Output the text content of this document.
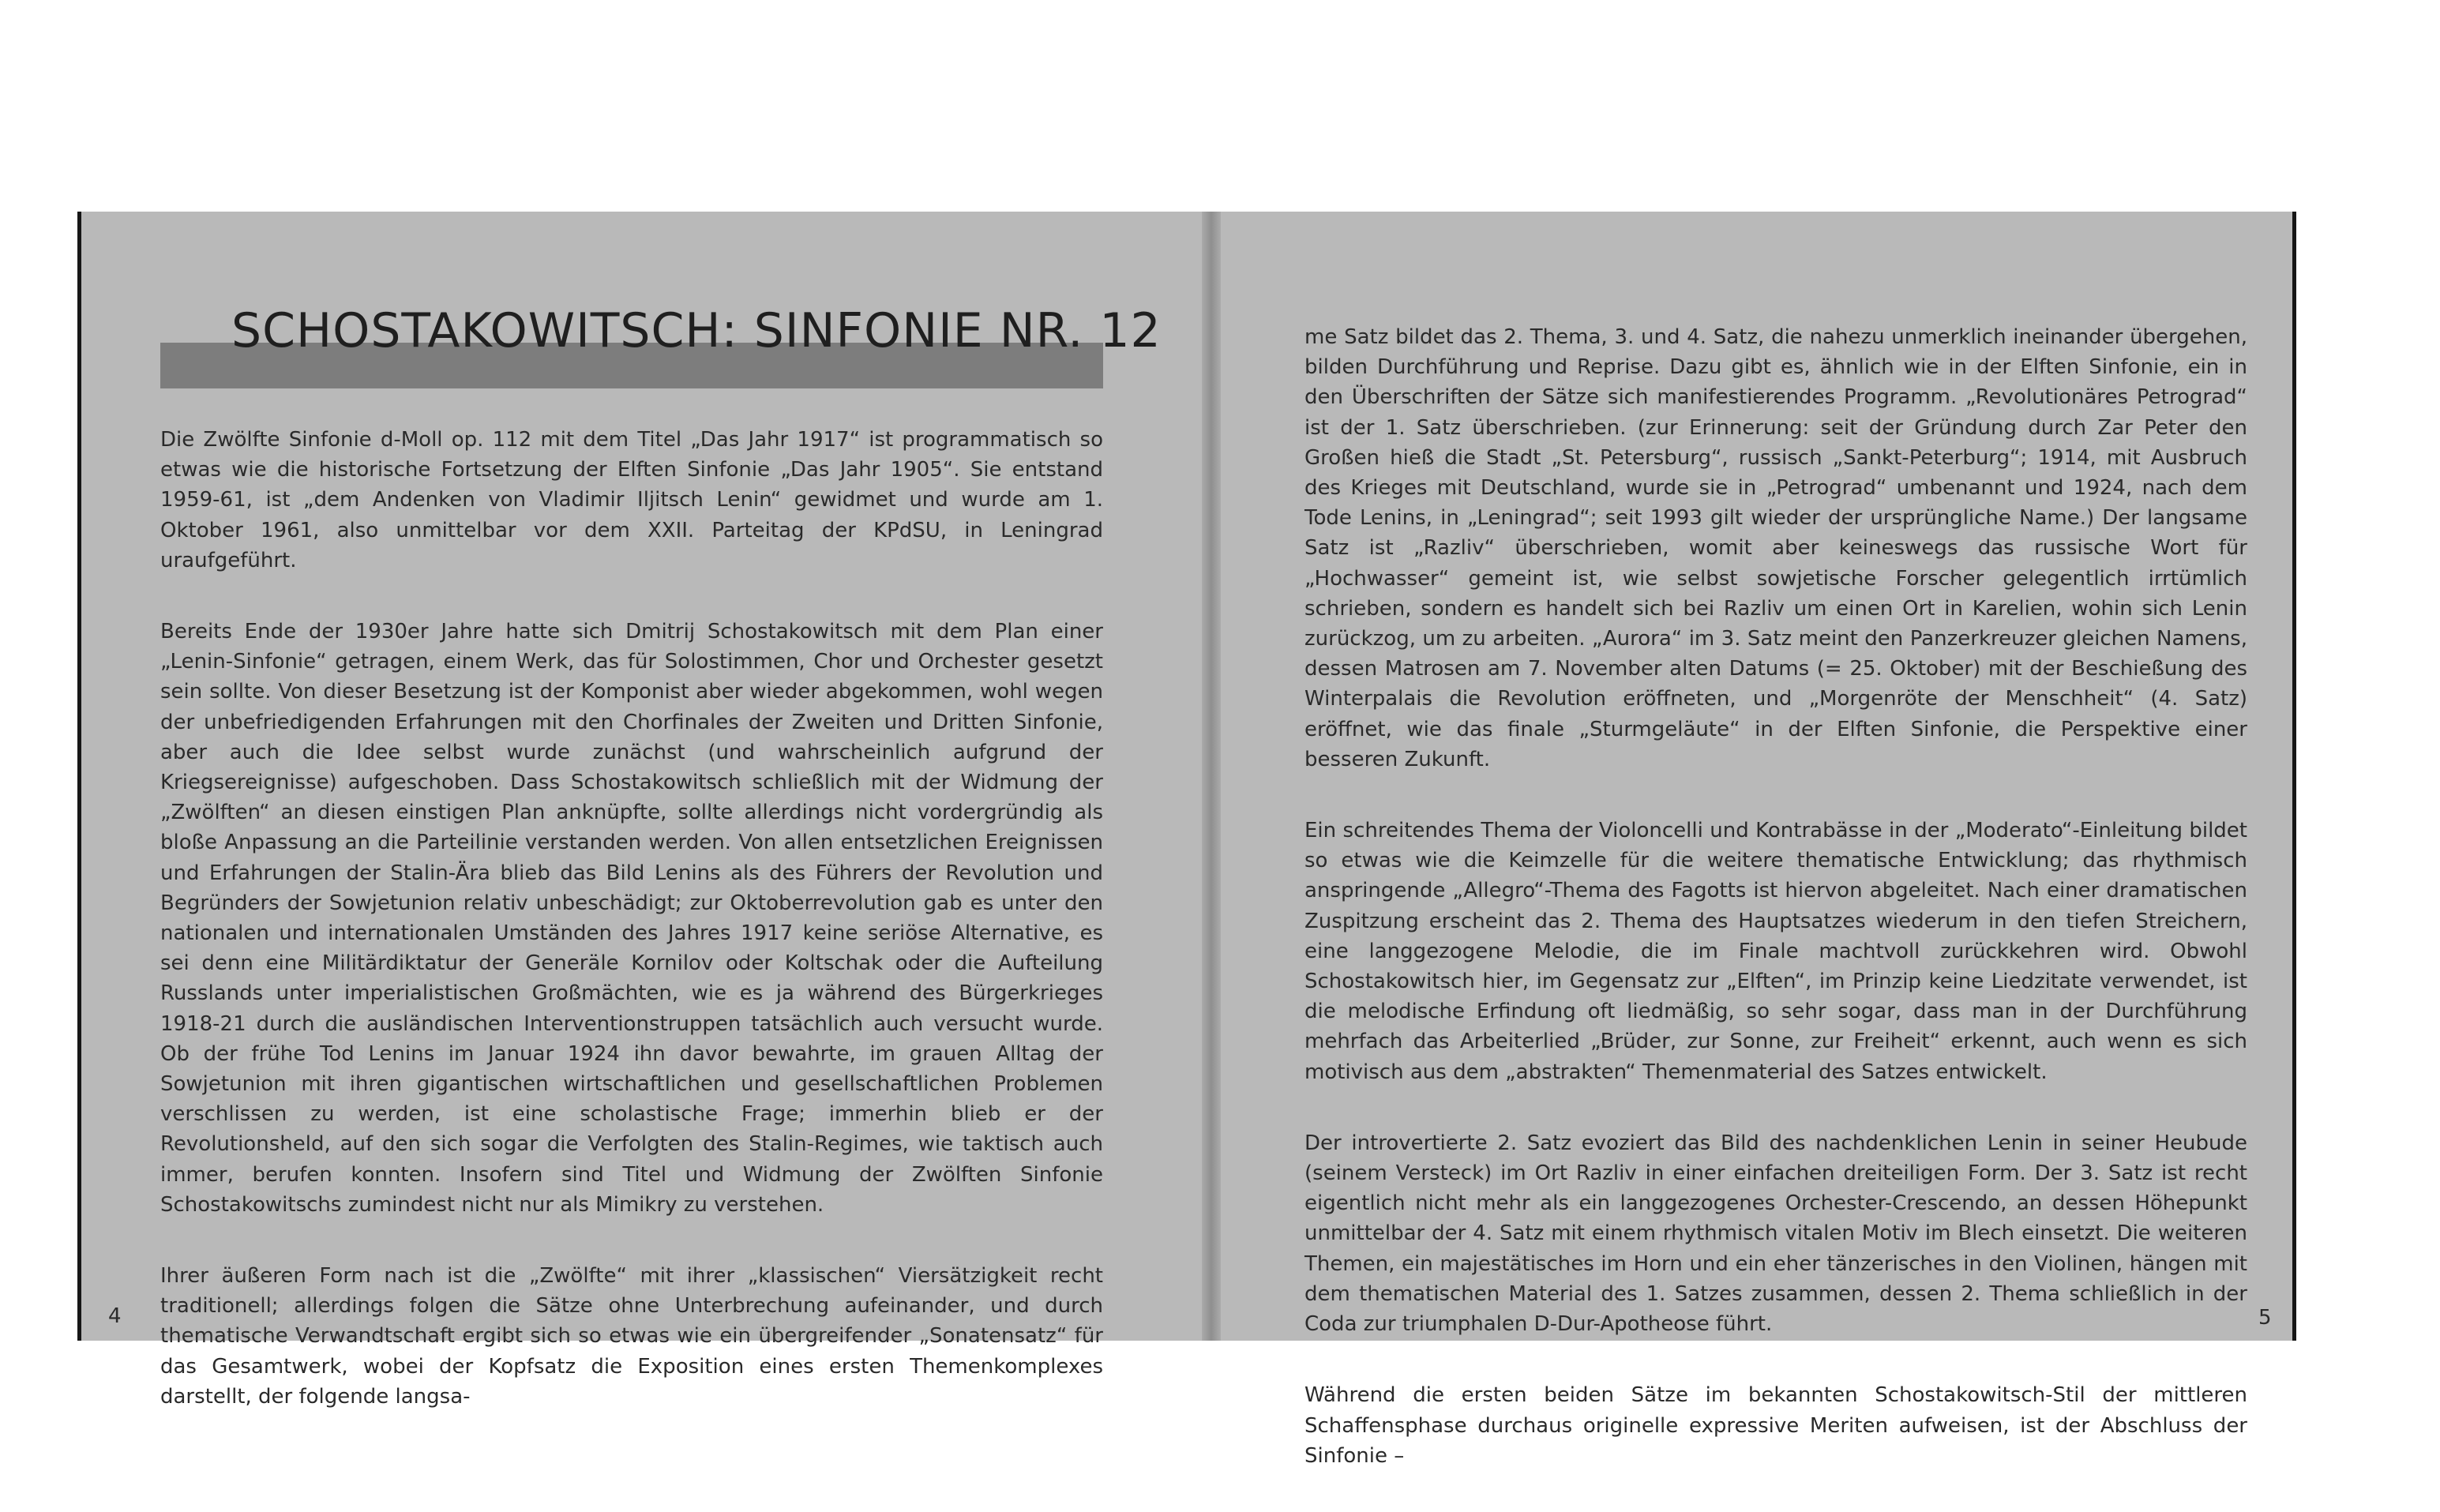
SCHOSTAKOWITSCH: SINFONIE NR. 12

Die Zwölfte Sinfonie d-Moll op. 112 mit dem Titel „Das Jahr 1917“ ist programmatisch so etwas wie die historische Fortsetzung der Elften Sinfonie „Das Jahr 1905“. Sie entstand 1959-61, ist „dem Andenken von Vladimir Iljitsch Lenin“ gewidmet und wurde am 1. Oktober 1961, also unmittelbar vor dem XXII. Parteitag der KPdSU, in Leningrad uraufgeführt.

Bereits Ende der 1930er Jahre hatte sich Dmitrij Schostakowitsch mit dem Plan einer „Lenin-Sinfonie“ getragen, einem Werk, das für Solostimmen, Chor und Orchester gesetzt sein sollte. Von dieser Besetzung ist der Komponist aber wieder abgekommen, wohl wegen der unbefriedigenden Erfahrungen mit den Chorfinales der Zweiten und Dritten Sinfonie, aber auch die Idee selbst wurde zunächst (und wahrscheinlich aufgrund der Kriegsereignisse) aufgeschoben. Dass Schostakowitsch schließlich mit der Widmung der „Zwölften“ an diesen einstigen Plan anknüpfte, sollte allerdings nicht vordergründig als bloße Anpassung an die Parteilinie verstanden werden. Von allen entsetzlichen Ereignissen und Erfahrungen der Stalin-Ära blieb das Bild Lenins als des Führers der Revolution und Begründers der Sowjetunion relativ unbeschädigt; zur Oktoberrevolution gab es unter den nationalen und internationalen Umständen des Jahres 1917 keine seriöse Alternative, es sei denn eine Militärdiktatur der Generäle Kornilov oder Koltschak oder die Aufteilung Russlands unter imperialistischen Großmächten, wie es ja während des Bürgerkrieges 1918-21 durch die ausländischen Interventionstruppen tatsächlich auch versucht wurde. Ob der frühe Tod Lenins im Januar 1924 ihn davor bewahrte, im grauen Alltag der Sowjetunion mit ihren gigantischen wirtschaftlichen und gesellschaftlichen Problemen verschlissen zu werden, ist eine scholastische Frage; immerhin blieb er der Revolutionsheld, auf den sich sogar die Verfolgten des Stalin-Regimes, wie taktisch auch immer, berufen konnten. Insofern sind Titel und Widmung der Zwölften Sinfonie Schostakowitschs zumindest nicht nur als Mimikry zu verstehen.

Ihrer äußeren Form nach ist die „Zwölfte“ mit ihrer „klassischen“ Viersätzigkeit recht traditionell; allerdings folgen die Sätze ohne Unterbrechung aufeinander, und durch thematische Verwandtschaft ergibt sich so etwas wie ein übergreifender „Sonatensatz“ für das Gesamtwerk, wobei der Kopfsatz die Exposition eines ersten Themenkomplexes darstellt, der folgende langsa-

4

me Satz bildet das 2. Thema, 3. und 4. Satz, die nahezu unmerklich ineinander übergehen, bilden Durchführung und Reprise. Dazu gibt es, ähnlich wie in der Elften Sinfonie, ein in den Überschriften der Sätze sich manifestierendes Programm. „Revolutionäres Petrograd“ ist der 1. Satz überschrieben. (zur Erinnerung: seit der Gründung durch Zar Peter den Großen hieß die Stadt „St. Petersburg“, russisch „Sankt-Peterburg“; 1914, mit Ausbruch des Krieges mit Deutschland, wurde sie in „Petrograd“ umbenannt und 1924, nach dem Tode Lenins, in „Leningrad“; seit 1993 gilt wieder der ursprüngliche Name.) Der langsame Satz ist „Razliv“ überschrieben, womit aber keineswegs das russische Wort für „Hochwasser“ gemeint ist, wie selbst sowjetische Forscher gelegentlich irrtümlich schrieben, sondern es handelt sich bei Razliv um einen Ort in Karelien, wohin sich Lenin zurückzog, um zu arbeiten. „Aurora“ im 3. Satz meint den Panzerkreuzer gleichen Namens, dessen Matrosen am 7. November alten Datums (= 25. Oktober) mit der Beschießung des Winterpalais die Revolution eröffneten, und „Morgenröte der Menschheit“ (4. Satz) eröffnet, wie das finale „Sturmgeläute“ in der Elften Sinfonie, die Perspektive einer besseren Zukunft.

Ein schreitendes Thema der Violoncelli und Kontrabässe in der „Moderato“-Einleitung bildet so etwas wie die Keimzelle für die weitere thematische Entwicklung; das rhythmisch anspringende „Allegro“-Thema des Fagotts ist hiervon abgeleitet. Nach einer dramatischen Zuspitzung erscheint das 2. Thema des Hauptsatzes wiederum in den tiefen Streichern, eine langgezogene Melodie, die im Finale machtvoll zurückkehren wird. Obwohl Schostakowitsch hier, im Gegensatz zur „Elften“, im Prinzip keine Liedzitate verwendet, ist die melodische Erfindung oft liedmäßig, so sehr sogar, dass man in der Durchführung mehrfach das Arbeiterlied „Brüder, zur Sonne, zur Freiheit“ erkennt, auch wenn es sich motivisch aus dem „abstrakten“ Themenmaterial des Satzes entwickelt.

Der introvertierte 2. Satz evoziert das Bild des nachdenklichen Lenin in seiner Heubude (seinem Versteck) im Ort Razliv in einer einfachen dreiteiligen Form. Der 3. Satz ist recht eigentlich nicht mehr als ein langgezogenes Orchester-Crescendo, an dessen Höhepunkt unmittelbar der 4. Satz mit einem rhythmisch vitalen Motiv im Blech einsetzt. Die weiteren Themen, ein majestätisches im Horn und ein eher tänzerisches in den Violinen, hängen mit dem thematischen Material des 1. Satzes zusammen, dessen 2. Thema schließlich in der Coda zur triumphalen D-Dur-Apotheose führt.

Während die ersten beiden Sätze im bekannten Schostakowitsch-Stil der mittleren Schaffensphase durchaus originelle expressive Meriten aufweisen, ist der Abschluss der Sinfonie –

5
